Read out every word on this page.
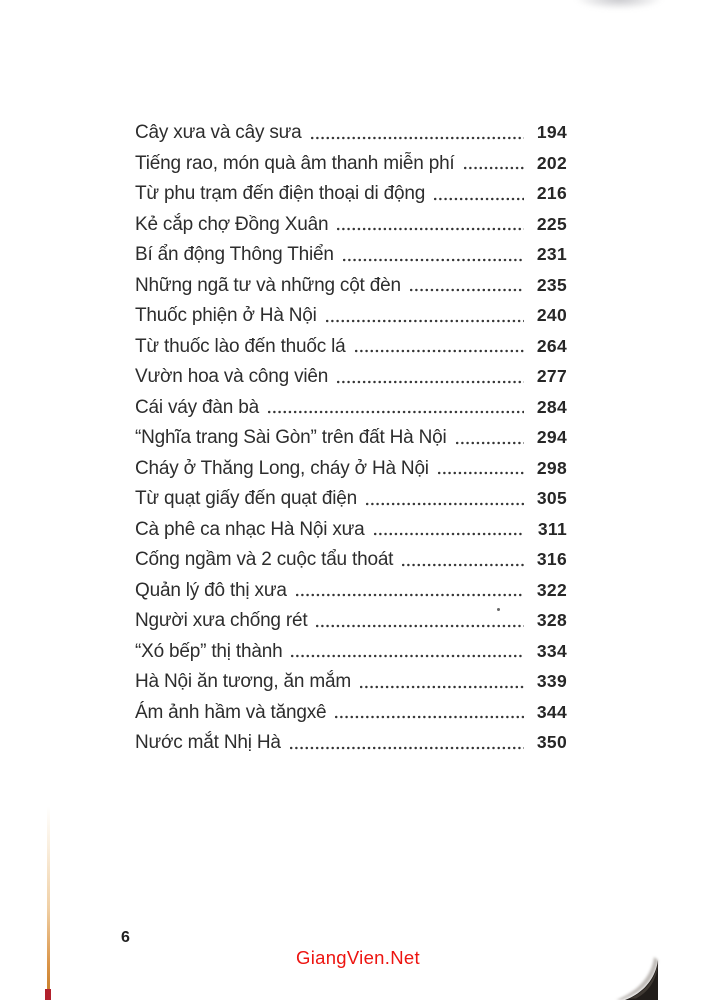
Cây xưa và cây sưa	194
Tiếng rao, món quà âm thanh miễn phí	202
Từ phu trạm đến điện thoại di động	216
Kẻ cắp chợ Đồng Xuân	225
Bí ẩn động Thông Thiển	231
Những ngã tư và những cột đèn	235
Thuốc phiện ở Hà Nội	240
Từ thuốc lào đến thuốc lá	264
Vườn hoa và công viên	277
Cái váy đàn bà	284
“Nghĩa trang Sài Gòn” trên đất Hà Nội	294
Cháy ở Thăng Long, cháy ở Hà Nội	298
Từ quạt giấy đến quạt điện	305
Cà phê ca nhạc Hà Nội xưa	311
Cống ngầm và 2 cuộc tẩu thoát	316
Quản lý đô thị xưa	322
Người xưa chống rét	328
“Xó bếp” thị thành	334
Hà Nội ăn tương, ăn mắm	339
Ám ảnh hầm và tăngxê	344
Nước mắt Nhị Hà	350
6
GiangVien.Net
